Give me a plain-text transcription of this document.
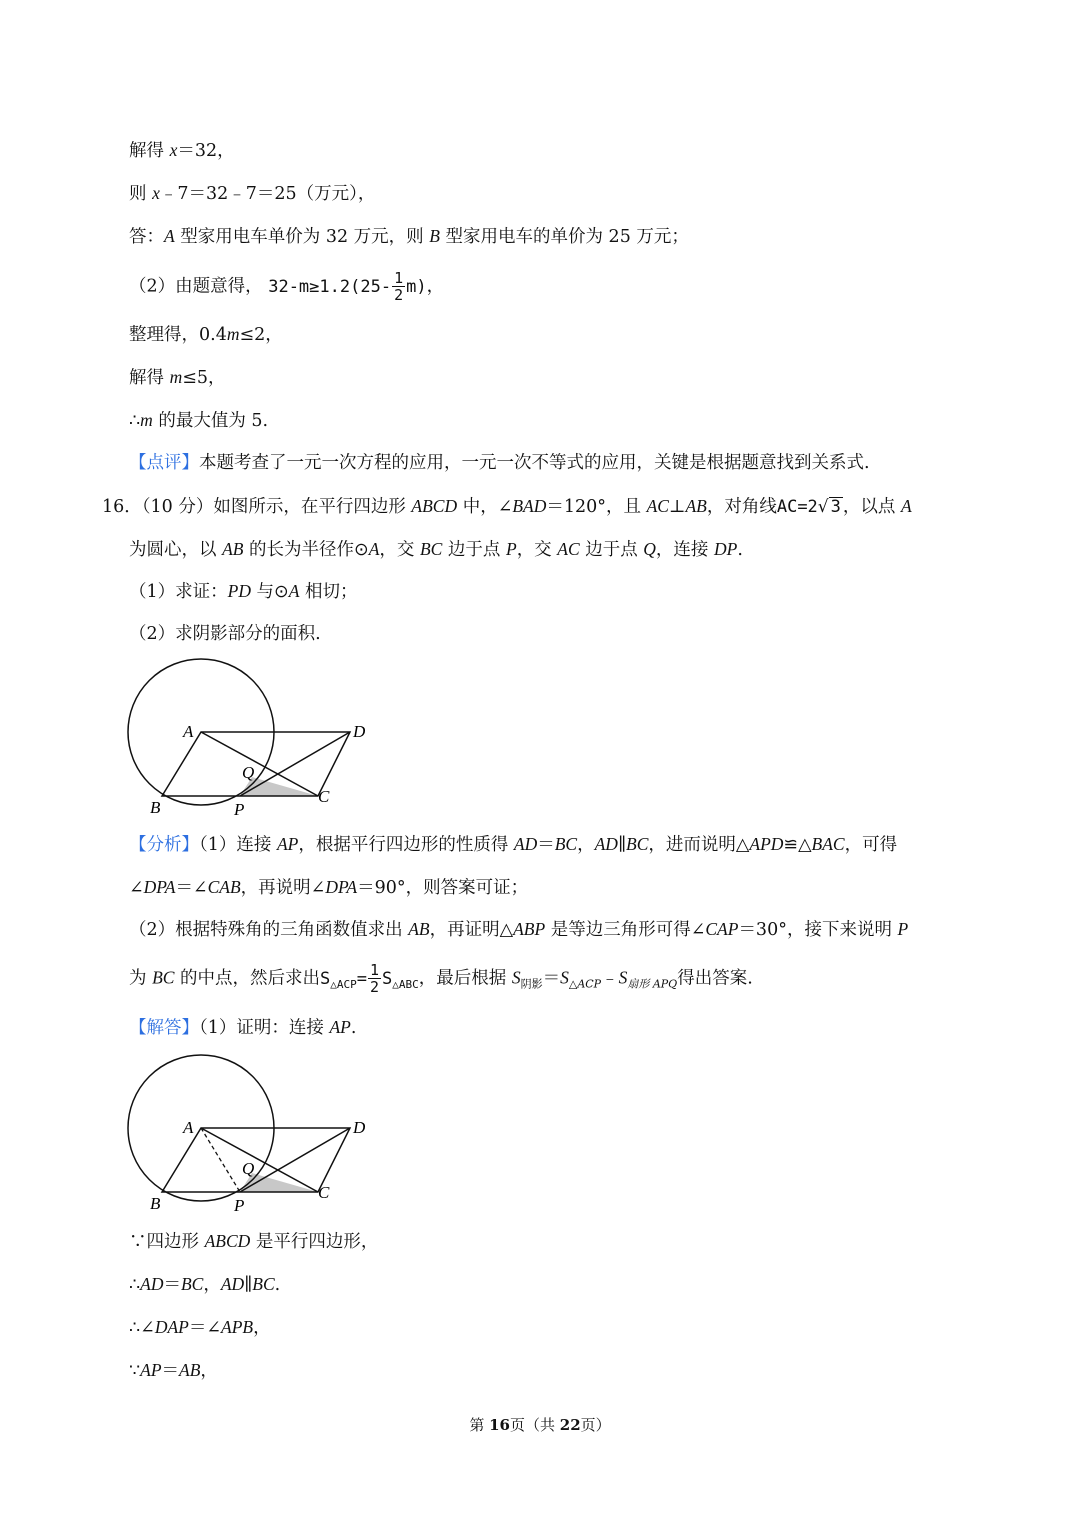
解得 x＝32，
则 x﹣7＝32﹣7＝25（万元），
答：A 型家用电车单价为 32 万元，则 B 型家用电车的单价为 25 万元；
（2）由题意得， $32-m\ge 1.2(25- \frac{1}{2} m)$，
整理得，0.4m≤2，
解得 m≤5，
∴m 的最大值为 5.
【点评】本题考查了一元一次方程的应用，一元一次不等式的应用，关键是根据题意找到关系式.
16．（10 分）如图所示，在平行四边形 ABCD 中，∠BAD＝120°，且 AC⊥AB，对角线AC=2√ 3 ，以点 A
为圆心，以 AB 的长为半径作⊙A，交 BC 边于点 P，交 AC 边于点 Q，连接 DP.
（1）求证：PD 与⊙A 相切；
（2）求阴影部分的面积.
A	D
Q
B	P
C
【分析】（1）连接 AP，根据平行四边形的性质得 AD＝BC，AD∥BC，进而说明△APD≌△BAC，可得
∠DPA＝∠CAB，再说明∠DPA＝90°，则答案可证；
（2）根据特殊角的三角函数值求出 AB，再证明△ABP 是等边三角形可得∠CAP＝30°，接下来说明 P
为 BC 的中点，然后求出$S_{\triangle ACP}= \frac{1}{2} S_{\triangle ABC}$，最后根据 $S_{阴影}=S_{\triangle ACP}﹣S_{扇形 APQ}$得出答案.
【解答】（1）证明：连接 AP.
A	D
Q
B	P
C
∵四边形 ABCD 是平行四边形，
∴AD＝BC，AD∥BC.
∴∠DAP＝∠APB，
∵AP＝AB，
第 16页（共 22页）
